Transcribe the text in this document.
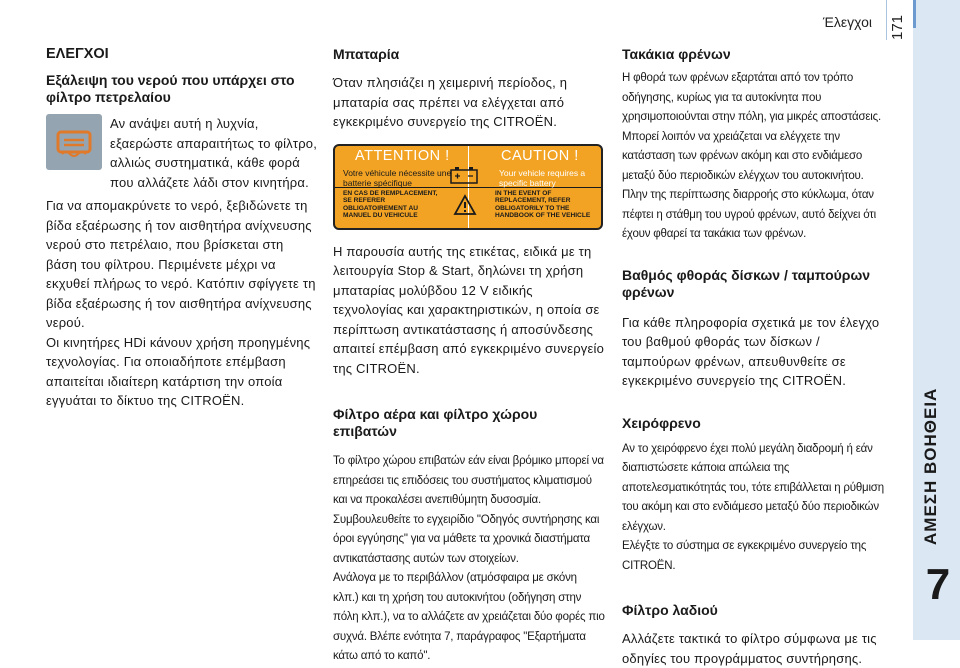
Έλεγχοι 171
ΑΜΕΣΗ ΒΟΗΘΕΙΑ
7
ΕΛΕΓΧΟΙ
Εξάλειψη του νερού που υπάρχει στο φίλτρο πετρελαίου

Αν ανάψει αυτή η λυχνία, εξαερώστε απαραιτήτως το φίλτρο, αλλιώς συστηματικά, κάθε φορά που αλλάζετε λάδι στον κινητήρα.

Για να απομακρύνετε το νερό, ξεβιδώνετε τη βίδα εξαέρωσης ή τον αισθητήρα ανίχνευσης νερού στο πετρέλαιο, που βρίσκεται στη βάση του φίλτρου. Περιμένετε μέχρι να εκχυθεί πλήρως το νερό. Κατόπιν σφίγγετε τη βίδα εξαέρωσης ή τον αισθητήρα ανίχνευσης νερού.

Οι κινητήρες HDi κάνουν χρήση προηγμένης τεχνολογίας. Για οποιαδήποτε επέμβαση απαιτείται ιδιαίτερη κατάρτιση την οποία εγγυάται το δίκτυο της CITROËN.

Μπαταρία

Όταν πλησιάζει η χειμερινή περίοδος, η μπαταρία σας πρέπει να ελέγχεται από εγκεκριμένο συνεργείο της CITROËN.

ATTENTION !
Votre véhicule nécessite une batterie spécifique
CAUTION !
Your vehicle requires a specific battery
EN CAS DE REMPLACEMENT, SE REFERER OBLIGATOIREMENT AU MANUEL DU VEHICULE
IN THE EVENT OF REPLACEMENT, REFER OBLIGATORILY TO THE HANDBOOK OF THE VEHICLE

Η παρουσία αυτής της ετικέτας, ειδικά με τη λειτουργία Stop & Start, δηλώνει τη χρήση μπαταρίας μολύβδου 12 V ειδικής τεχνολογίας και χαρακτηριστικών, η οποία σε περίπτωση αντικατάστασης ή αποσύνδεσης απαιτεί επέμβαση από εγκεκριμένο συνεργείο της CITROËN.

Φίλτρο αέρα και φίλτρο χώρου επιβατών

Το φίλτρο χώρου επιβατών εάν είναι βρόμικο μπορεί να επηρεάσει τις επιδόσεις του συστήματος κλιματισμού και να προκαλέσει ανεπιθύμητη δυσοσμία. Συμβουλευθείτε το εγχειρίδιο "Οδηγός συντήρησης και όροι εγγύησης" για να μάθετε τα χρονικά διαστήματα αντικατάστασης αυτών των στοιχείων.

Ανάλογα με το περιβάλλον (ατμόσφαιρα με σκόνη κλπ.) και τη χρήση του αυτοκινήτου (οδήγηση στην πόλη κλπ.), να το αλλάζετε αν χρειάζεται δύο φορές πιο συχνά. Βλέπε ενότητα 7, παράγραφος "Εξαρτήματα κάτω από το καπό".

Τακάκια φρένων

Η φθορά των φρένων εξαρτάται από τον τρόπο οδήγησης, κυρίως για τα αυτοκίνητα που χρησιμοποιούνται στην πόλη, για μικρές αποστάσεις. Μπορεί λοιπόν να χρειάζεται να ελέγχετε την κατάσταση των φρένων ακόμη και στο ενδιάμεσο μεταξύ δύο περιοδικών ελέγχων του αυτοκινήτου. Πλην της περίπτωσης διαρροής στο κύκλωμα, όταν πέφτει η στάθμη του υγρού φρένων, αυτό δείχνει ότι έχουν φθαρεί τα τακάκια των φρένων.

Βαθμός φθοράς δίσκων / ταμπούρων φρένων

Για κάθε πληροφορία σχετικά με τον έλεγχο του βαθμού φθοράς των δίσκων / ταμπούρων φρένων, απευθυνθείτε σε εγκεκριμένο συνεργείο της CITROËN.

Χειρόφρενο

Αν το χειρόφρενο έχει πολύ μεγάλη διαδρομή ή εάν διαπιστώσετε κάποια απώλεια της αποτελεσματικότητάς του, τότε επιβάλλεται η ρύθμιση του ακόμη και στο ενδιάμεσο μεταξύ δύο περιοδικών ελέγχων.

Ελέγξτε το σύστημα σε εγκεκριμένο συνεργείο της CITROËN.

Φίλτρο λαδιού

Αλλάζετε τακτικά το φίλτρο σύμφωνα με τις οδηγίες του προγράμματος συντήρησης.
